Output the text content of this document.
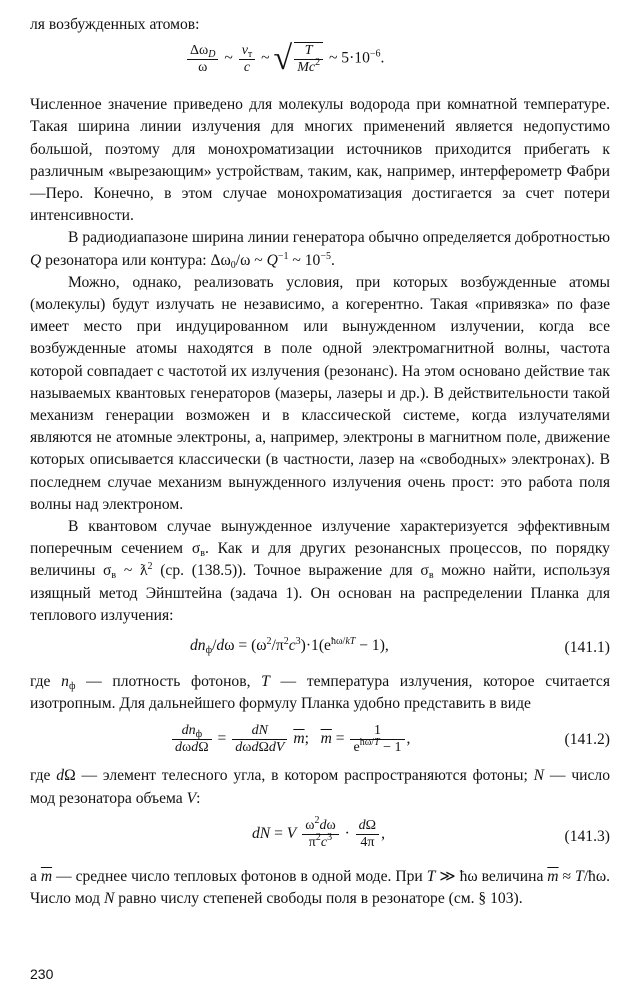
ля возбужденных атомов:

$\frac{\Delta\omega_D}{\omega}$ ~ $\frac{v_т}{c}$ ~ √ $\frac{T}{Mc^2}$ ~ $5\cdot 10^{-6}$.

Численное значение приведено для молекулы водорода при комнатной температуре. Такая ширина линии излучения для многих применений является недопустимо большой, поэтому для монохроматизации источников приходится прибегать к различным «вырезающим» устройствам, таким, как, например, интерферометр Фабри—Перо. Конечно, в этом случае монохроматизация достигается за счет потери интенсивности.

В радиодиапазоне ширина линии генератора обычно определяется добротностью Q резонатора или контура: $\Delta\omega_0/\omega$ ~ $Q^{-1}$ ~ $10^{-5}$.

Можно, однако, реализовать условия, при которых возбужденные атомы (молекулы) будут излучать не независимо, а когерентно. Такая «привязка» по фазе имеет место при индуцированном или вынужденном излучении, когда все возбужденные атомы находятся в поле одной электромагнитной волны, частота которой совпадает с частотой их излучения (резонанс). На этом основано действие так называемых квантовых генераторов (мазеры, лазеры и др.). В действительности такой механизм генерации возможен и в классической системе, когда излучателями являются не атомные электроны, а, например, электроны в магнитном поле, движение которых описывается классически (в частности, лазер на «свободных» электронах). В последнем случае механизм вынужденного излучения очень прост: это работа поля волны над электроном.

В квантовом случае вынужденное излучение характеризуется эффективным поперечным сечением $\sigma_в$. Как и для других резонансных процессов, по порядку величины $\sigma_в$ ~ $ƛ^2$ (ср. (138.5)). Точное выражение для $\sigma_в$ можно найти, используя изящный метод Эйнштейна (задача 1). Он основан на распределении Планка для теплового излучения:

$dn_ф/d\omega = (\omega^2/\pi^2c^3)\cdot 1(e^{ħ\omega/kT} - 1)$,	(141.1)

где $n_ф$ — плотность фотонов, T — температура излучения, которое считается изотропным. Для дальнейшего формулу Планка удобно представить в виде

$\frac{dn_ф}{\text{dωdΩ}} = \frac{dN}{\text{dωdΩdV}} \overline{m}$;   $\overline{m} = \frac{1}{e^{ħ\omega/T} - 1}$ ,	(141.2)

где dΩ — элемент телесного угла, в котором распространяются фотоны; N — число мод резонатора объема V:

dN = V $\frac{\omega^2d\omega}{\pi^2c^3} \cdot \frac{d\Omega}{4\pi}$ ,	(141.3)

а $\overline{m}$ — среднее число тепловых фотонов в одной моде. При T ≫ ħω величина $\overline{m}$ ≈ T/ħω. Число мод N равно числу степеней свободы поля в резонаторе (см. § 103).

230
